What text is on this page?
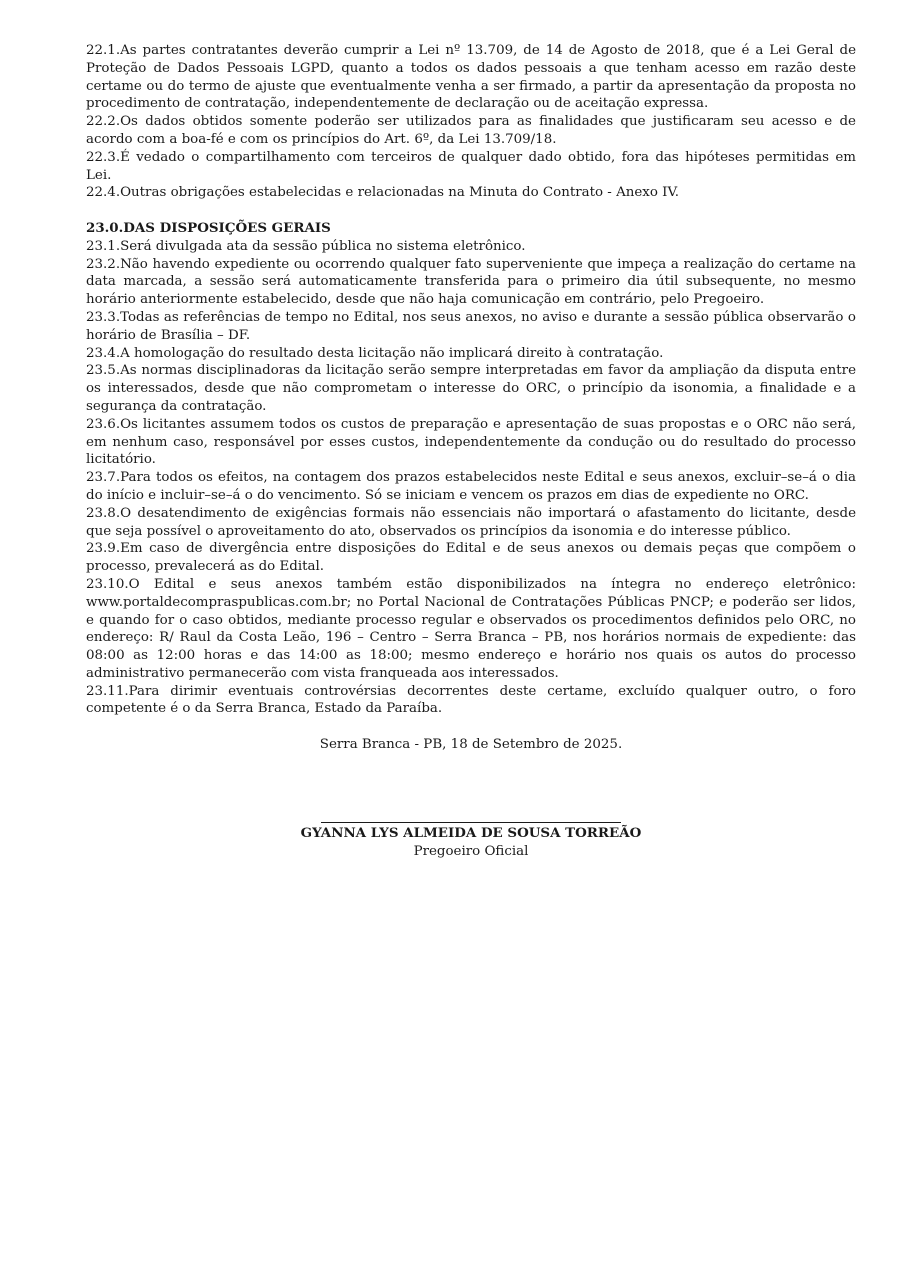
22.1.As partes contratantes deverão cumprir a Lei nº 13.709, de 14 de Agosto de 2018, que é a Lei Geral de Proteção de Dados Pessoais LGPD, quanto a todos os dados pessoais a que tenham acesso em razão deste certame ou do termo de ajuste que eventualmente venha a ser firmado, a partir da apresentação da proposta no procedimento de contratação, independentemente de declaração ou de aceitação expressa.

22.2.Os dados obtidos somente poderão ser utilizados para as finalidades que justificaram seu acesso e de acordo com a boa-fé e com os princípios do Art. 6º, da Lei 13.709/18.

22.3.É vedado o compartilhamento com terceiros de qualquer dado obtido, fora das hipóteses permitidas em Lei.

22.4.Outras obrigações estabelecidas e relacionadas na Minuta do Contrato - Anexo IV.

23.0.DAS DISPOSIÇÕES GERAIS

23.1.Será divulgada ata da sessão pública no sistema eletrônico.

23.2.Não havendo expediente ou ocorrendo qualquer fato superveniente que impeça a realização do certame na data marcada, a sessão será automaticamente transferida para o primeiro dia útil subsequente, no mesmo horário anteriormente estabelecido, desde que não haja comunicação em contrário, pelo Pregoeiro.

23.3.Todas as referências de tempo no Edital, nos seus anexos, no aviso e durante a sessão pública observarão o horário de Brasília – DF.

23.4.A homologação do resultado desta licitação não implicará direito à contratação.

23.5.As normas disciplinadoras da licitação serão sempre interpretadas em favor da ampliação da disputa entre os interessados, desde que não comprometam o interesse do ORC, o princípio da isonomia, a finalidade e a segurança da contratação.

23.6.Os licitantes assumem todos os custos de preparação e apresentação de suas propostas e o ORC não será, em nenhum caso, responsável por esses custos, independentemente da condução ou do resultado do processo licitatório.

23.7.Para todos os efeitos, na contagem dos prazos estabelecidos neste Edital e seus anexos, excluir–se–á o dia do início e incluir–se–á o do vencimento. Só se iniciam e vencem os prazos em dias de expediente no ORC.

23.8.O desatendimento de exigências formais não essenciais não importará o afastamento do licitante, desde que seja possível o aproveitamento do ato, observados os princípios da isonomia e do interesse público.

23.9.Em caso de divergência entre disposições do Edital e de seus anexos ou demais peças que compõem o processo, prevalecerá as do Edital.

23.10.O Edital e seus anexos também estão disponibilizados na íntegra no endereço eletrônico: www.portaldecompraspublicas.com.br; no Portal Nacional de Contratações Públicas PNCP; e poderão ser lidos, e quando for o caso obtidos, mediante processo regular e observados os procedimentos definidos pelo ORC, no endereço: R/ Raul da Costa Leão, 196 – Centro – Serra Branca – PB, nos horários normais de expediente: das 08:00 as 12:00 horas e das 14:00 as 18:00; mesmo endereço e horário nos quais os autos do processo administrativo permanecerão com vista franqueada aos interessados.

23.11.Para dirimir eventuais controvérsias decorrentes deste certame, excluído qualquer outro, o foro competente é o da Serra Branca, Estado da Paraíba.

Serra Branca - PB, 18 de Setembro de 2025.
GYANNA LYS ALMEIDA DE SOUSA TORREÃO
Pregoeiro Oficial
